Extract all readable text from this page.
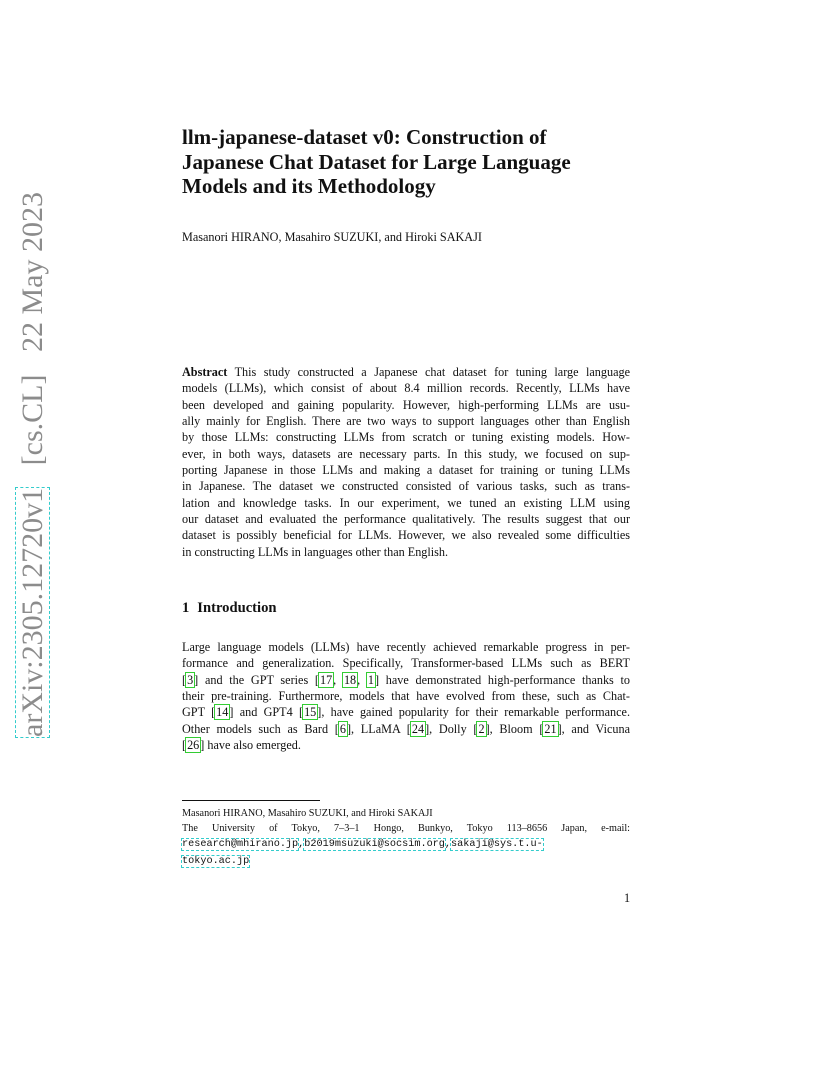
arXiv:2305.12720v1   [cs.CL]   22 May 2023
llm-japanese-dataset v0: Construction of
Japanese Chat Dataset for Large Language
Models and its Methodology
Masanori HIRANO, Masahiro SUZUKI, and Hiroki SAKAJI
Abstract This study constructed a Japanese chat dataset for tuning large language
models (LLMs), which consist of about 8.4 million records. Recently, LLMs have
been developed and gaining popularity. However, high-performing LLMs are usu-
ally mainly for English. There are two ways to support languages other than English
by those LLMs: constructing LLMs from scratch or tuning existing models. How-
ever, in both ways, datasets are necessary parts. In this study, we focused on sup-
porting Japanese in those LLMs and making a dataset for training or tuning LLMs
in Japanese. The dataset we constructed consisted of various tasks, such as trans-
lation and knowledge tasks. In our experiment, we tuned an existing LLM using
our dataset and evaluated the performance qualitatively. The results suggest that our
dataset is possibly beneficial for LLMs. However, we also revealed some difficulties
in constructing LLMs in languages other than English.
1 Introduction
Large language models (LLMs) have recently achieved remarkable progress in per-
formance and generalization. Specifically, Transformer-based LLMs such as BERT
[3] and the GPT series [17, 18, 1] have demonstrated high-performance thanks to
their pre-training. Furthermore, models that have evolved from these, such as Chat-
GPT [14] and GPT4 [15], have gained popularity for their remarkable performance.
Other models such as Bard [6], LLaMA [24], Dolly [2], Bloom [21], and Vicuna
[26] have also emerged.
Masanori HIRANO, Masahiro SUZUKI, and Hiroki SAKAJI
The University of Tokyo, 7–3–1 Hongo, Bunkyo, Tokyo 113–8656 Japan, e-mail:
research@mhirano.jp,b2019msuzuki@socsim.org,sakaji@sys.t.u-
tokyo.ac.jp
1
